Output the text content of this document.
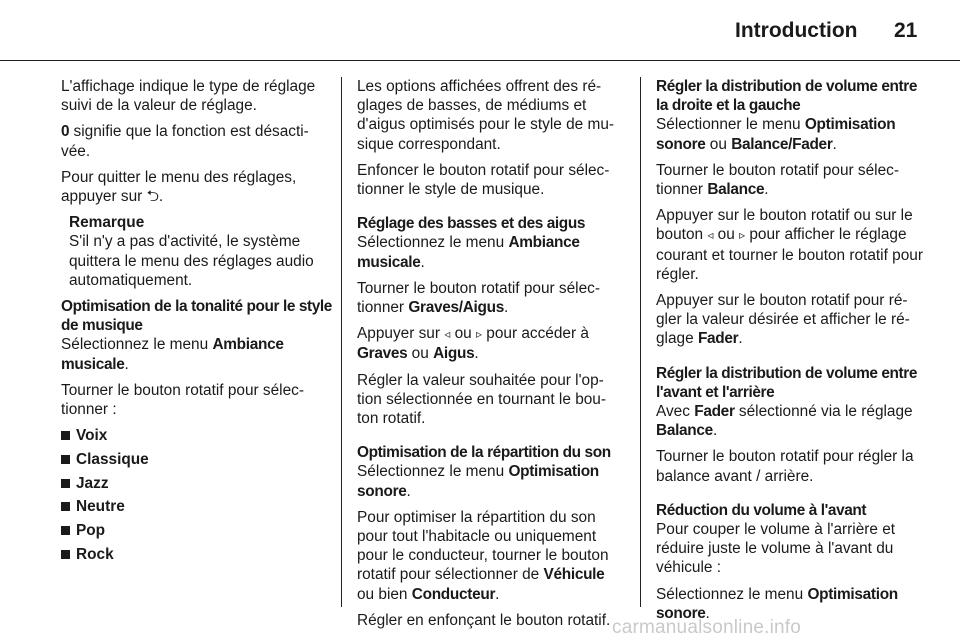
Introduction 21

L'affichage indique le type de réglage suivi de la valeur de réglage.

0 signifie que la fonction est désacti-vée.

Pour quitter le menu des réglages, appuyer sur ⮌.

Remarque
S'il n'y a pas d'activité, le système quittera le menu des réglages audio automatiquement.
Optimisation de la tonalité pour le style de musique

Sélectionnez le menu Ambiance musicale.

Tourner le bouton rotatif pour sélec-tionner :

Voix
Classique
Jazz
Neutre
Pop
Rock

Les options affichées offrent des ré-glages de basses, de médiums et d'aigus optimisés pour le style de mu-sique correspondant.

Enfoncer le bouton rotatif pour sélec-tionner le style de musique.

Réglage des basses et des aigus

Sélectionnez le menu Ambiance musicale.

Tourner le bouton rotatif pour sélec-tionner Graves/Aigus.

Appuyer sur ◃ ou ▹ pour accéder à Graves ou Aigus.

Régler la valeur souhaitée pour l'op-tion sélectionnée en tournant le bou-ton rotatif.

Optimisation de la répartition du son

Sélectionnez le menu Optimisation sonore.

Pour optimiser la répartition du son pour tout l'habitacle ou uniquement pour le conducteur, tourner le bouton rotatif pour sélectionner de Véhicule ou bien Conducteur.

Régler en enfonçant le bouton rotatif.

Régler la distribution de volume entre la droite et la gauche

Sélectionner le menu Optimisation sonore ou Balance/Fader.

Tourner le bouton rotatif pour sélec-tionner Balance.

Appuyer sur le bouton rotatif ou sur le bouton ◃ ou ▹ pour afficher le réglage courant et tourner le bouton rotatif pour régler.

Appuyer sur le bouton rotatif pour ré-gler la valeur désirée et afficher le ré-glage Fader.

Régler la distribution de volume entre l'avant et l'arrière

Avec Fader sélectionné via le réglage Balance.

Tourner le bouton rotatif pour régler la balance avant / arrière.

Réduction du volume à l'avant

Pour couper le volume à l'arrière et réduire juste le volume à l'avant du véhicule :

Sélectionnez le menu Optimisation sonore.

carmanualsonline.info
